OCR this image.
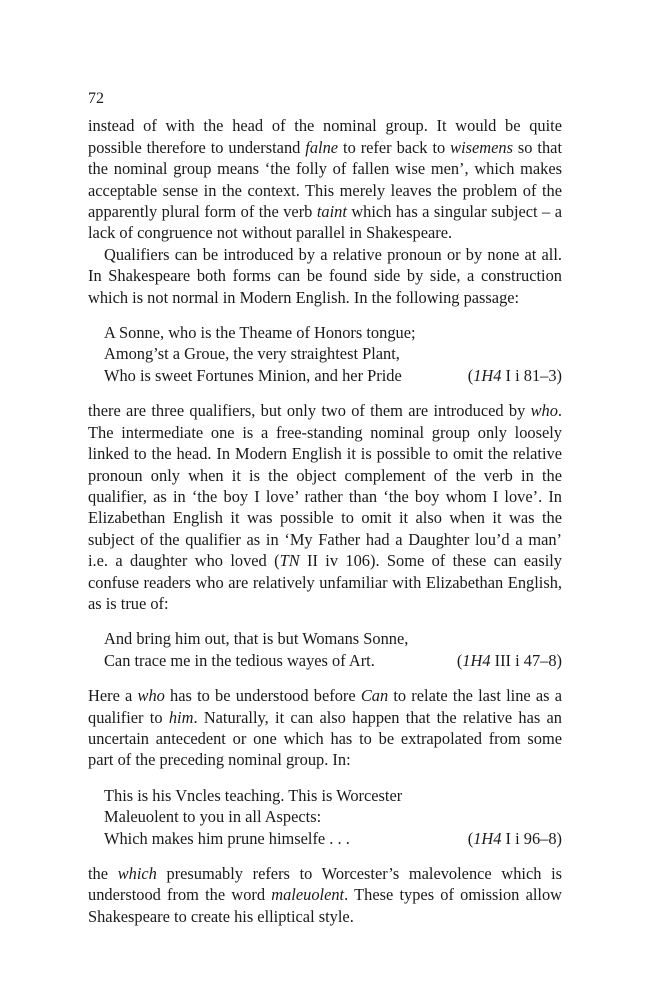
72

instead of with the head of the nominal group. It would be quite possible therefore to understand falne to refer back to wisemens so that the nominal group means ‘the folly of fallen wise men’, which makes acceptable sense in the context. This merely leaves the problem of the apparently plural form of the verb taint which has a singular subject – a lack of congruence not without parallel in Shakespeare.

Qualifiers can be introduced by a relative pronoun or by none at all. In Shakespeare both forms can be found side by side, a construction which is not normal in Modern English. In the following passage:

A Sonne, who is the Theame of Honors tongue;
Among’st a Groue, the very straightest Plant,
Who is sweet Fortunes Minion, and her Pride	(1H4 I i 81–3)

there are three qualifiers, but only two of them are introduced by who. The intermediate one is a free-standing nominal group only loosely linked to the head. In Modern English it is possible to omit the relative pronoun only when it is the object complement of the verb in the qualifier, as in ‘the boy I love’ rather than ‘the boy whom I love’. In Elizabethan English it was possible to omit it also when it was the subject of the qualifier as in ‘My Father had a Daughter lou’d a man’ i.e. a daughter who loved (TN II iv 106). Some of these can easily confuse readers who are relatively unfamiliar with Elizabethan English, as is true of:

And bring him out, that is but Womans Sonne,
Can trace me in the tedious wayes of Art.	(1H4 III i 47–8)

Here a who has to be understood before Can to relate the last line as a qualifier to him. Naturally, it can also happen that the relative has an uncertain antecedent or one which has to be extrapolated from some part of the preceding nominal group. In:

This is his Vncles teaching. This is Worcester
Maleuolent to you in all Aspects:
Which makes him prune himselfe . . .	(1H4 I i 96–8)

the which presumably refers to Worcester’s malevolence which is understood from the word maleuolent. These types of omission allow Shakespeare to create his elliptical style.
